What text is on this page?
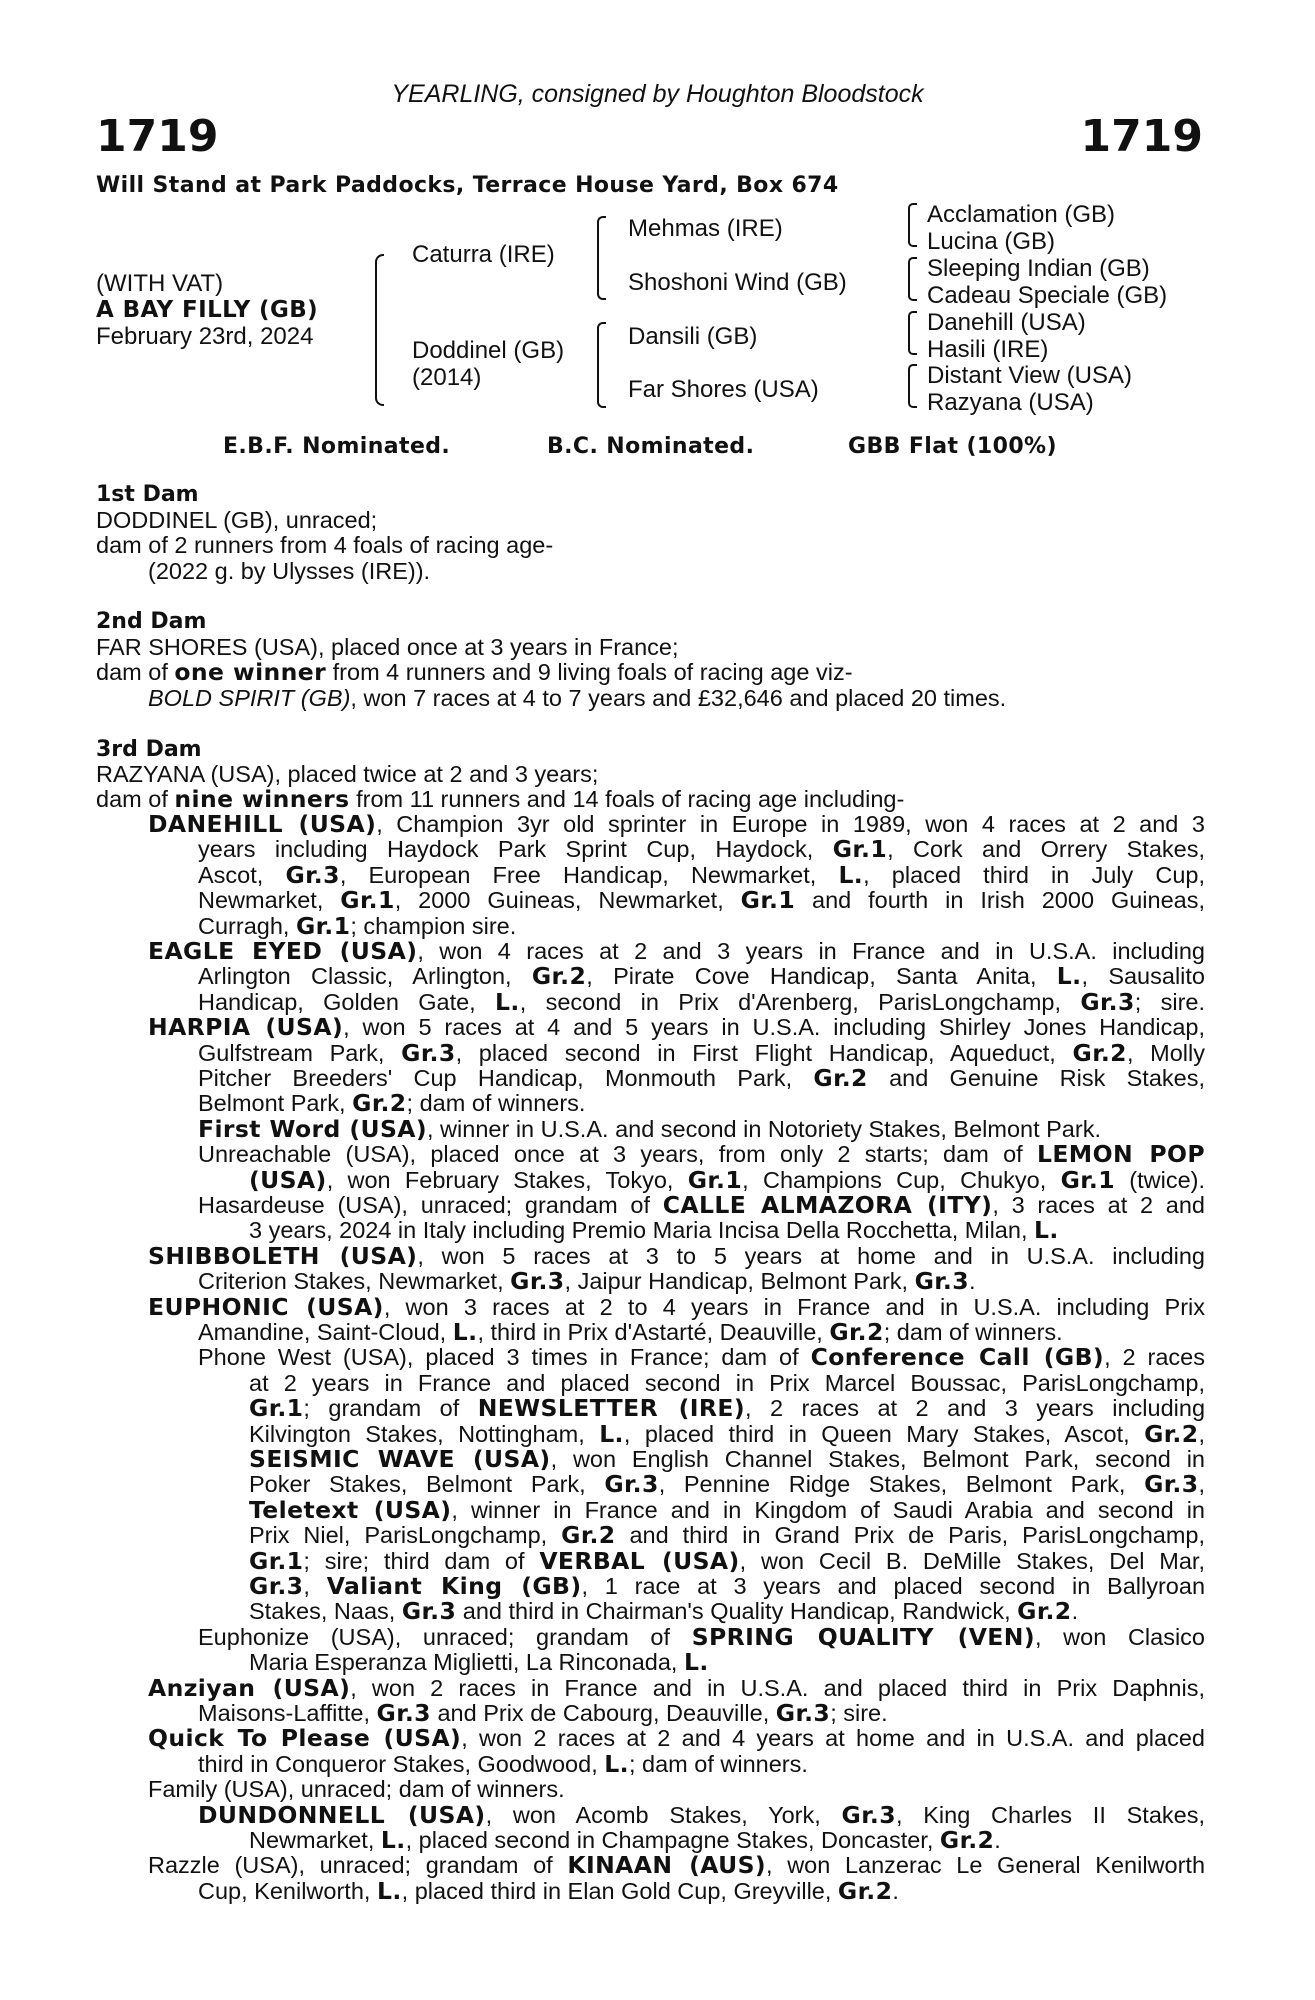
YEARLING, consigned by Houghton Bloodstock
1719	1719
Will Stand at Park Paddocks, Terrace House Yard, Box 674
(WITH VAT)
A BAY FILLY (GB)
February 23rd, 2024
Caturra (IRE)
Doddinel (GB)
(2014)
Mehmas (IRE)
Shoshoni Wind (GB)
Dansili (GB)
Far Shores (USA)
Acclamation (GB)
Lucina (GB)
Sleeping Indian (GB)
Cadeau Speciale (GB)
Danehill (USA)
Hasili (IRE)
Distant View (USA)
Razyana (USA)
E.B.F. Nominated.	B.C. Nominated.	GBB Flat (100%)
1st Dam
DODDINEL (GB), unraced;
dam of 2 runners from 4 foals of racing age-
(2022 g. by Ulysses (IRE)).
2nd Dam
FAR SHORES (USA), placed once at 3 years in France;
dam of one winner from 4 runners and 9 living foals of racing age viz-
BOLD SPIRIT (GB), won 7 races at 4 to 7 years and £32,646 and placed 20 times.
3rd Dam
RAZYANA (USA), placed twice at 2 and 3 years;
dam of nine winners from 11 runners and 14 foals of racing age including-
DANEHILL (USA), Champion 3yr old sprinter in Europe in 1989, won 4 races at 2 and 3
years including Haydock Park Sprint Cup, Haydock, Gr.1, Cork and Orrery Stakes,
Ascot, Gr.3, European Free Handicap, Newmarket, L., placed third in July Cup,
Newmarket, Gr.1, 2000 Guineas, Newmarket, Gr.1 and fourth in Irish 2000 Guineas,
Curragh, Gr.1; champion sire.
EAGLE EYED (USA), won 4 races at 2 and 3 years in France and in U.S.A. including
Arlington Classic, Arlington, Gr.2, Pirate Cove Handicap, Santa Anita, L., Sausalito
Handicap, Golden Gate, L., second in Prix d'Arenberg, ParisLongchamp, Gr.3; sire.
HARPIA (USA), won 5 races at 4 and 5 years in U.S.A. including Shirley Jones Handicap,
Gulfstream Park, Gr.3, placed second in First Flight Handicap, Aqueduct, Gr.2, Molly
Pitcher Breeders' Cup Handicap, Monmouth Park, Gr.2 and Genuine Risk Stakes,
Belmont Park, Gr.2; dam of winners.
First Word (USA), winner in U.S.A. and second in Notoriety Stakes, Belmont Park.
Unreachable (USA), placed once at 3 years, from only 2 starts; dam of LEMON POP
(USA), won February Stakes, Tokyo, Gr.1, Champions Cup, Chukyo, Gr.1 (twice).
Hasardeuse (USA), unraced; grandam of CALLE ALMAZORA (ITY), 3 races at 2 and
3 years, 2024 in Italy including Premio Maria Incisa Della Rocchetta, Milan, L.
SHIBBOLETH (USA), won 5 races at 3 to 5 years at home and in U.S.A. including
Criterion Stakes, Newmarket, Gr.3, Jaipur Handicap, Belmont Park, Gr.3.
EUPHONIC (USA), won 3 races at 2 to 4 years in France and in U.S.A. including Prix
Amandine, Saint-Cloud, L., third in Prix d'Astarté, Deauville, Gr.2; dam of winners.
Phone West (USA), placed 3 times in France; dam of Conference Call (GB), 2 races
at 2 years in France and placed second in Prix Marcel Boussac, ParisLongchamp,
Gr.1; grandam of NEWSLETTER (IRE), 2 races at 2 and 3 years including
Kilvington Stakes, Nottingham, L., placed third in Queen Mary Stakes, Ascot, Gr.2,
SEISMIC WAVE (USA), won English Channel Stakes, Belmont Park, second in
Poker Stakes, Belmont Park, Gr.3, Pennine Ridge Stakes, Belmont Park, Gr.3,
Teletext (USA), winner in France and in Kingdom of Saudi Arabia and second in
Prix Niel, ParisLongchamp, Gr.2 and third in Grand Prix de Paris, ParisLongchamp,
Gr.1; sire; third dam of VERBAL (USA), won Cecil B. DeMille Stakes, Del Mar,
Gr.3, Valiant King (GB), 1 race at 3 years and placed second in Ballyroan
Stakes, Naas, Gr.3 and third in Chairman's Quality Handicap, Randwick, Gr.2.
Euphonize (USA), unraced; grandam of SPRING QUALITY (VEN), won Clasico
Maria Esperanza Miglietti, La Rinconada, L.
Anziyan (USA), won 2 races in France and in U.S.A. and placed third in Prix Daphnis,
Maisons-Laffitte, Gr.3 and Prix de Cabourg, Deauville, Gr.3; sire.
Quick To Please (USA), won 2 races at 2 and 4 years at home and in U.S.A. and placed
third in Conqueror Stakes, Goodwood, L.; dam of winners.
Family (USA), unraced; dam of winners.
DUNDONNELL (USA), won Acomb Stakes, York, Gr.3, King Charles II Stakes,
Newmarket, L., placed second in Champagne Stakes, Doncaster, Gr.2.
Razzle (USA), unraced; grandam of KINAAN (AUS), won Lanzerac Le General Kenilworth
Cup, Kenilworth, L., placed third in Elan Gold Cup, Greyville, Gr.2.
